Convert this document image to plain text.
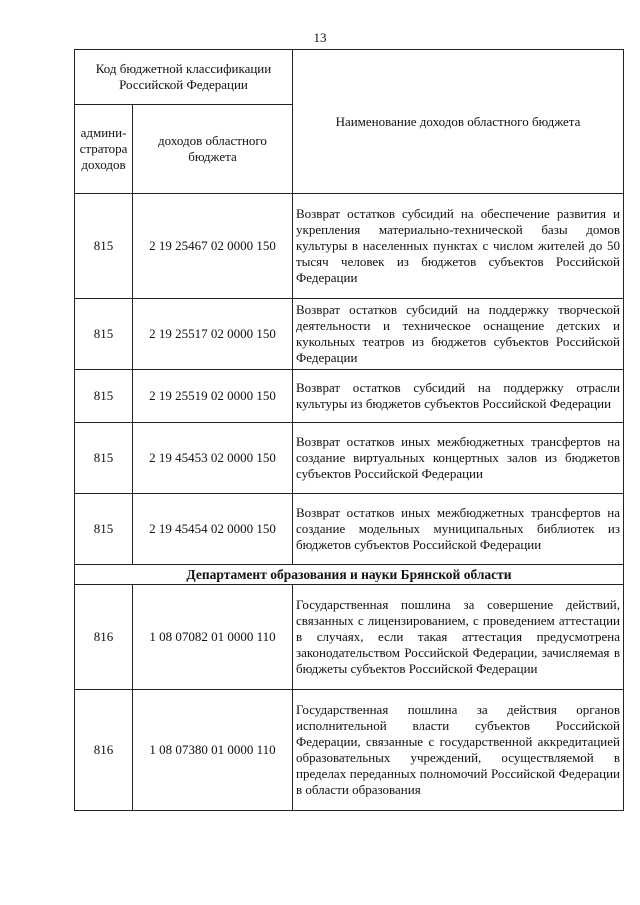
13
Код бюджетной классификации Российской Федерации		Наименование доходов областного бюджета
админи-стратора доходов	доходов областного бюджета	
815	2 19 25467 02 0000 150	Возврат остатков субсидий на обеспечение развития и укрепления материально-технической базы домов культуры в населенных пунктах с числом жителей до 50 тысяч человек из бюджетов субъектов Российской Федерации
815	2 19 25517 02 0000 150	Возврат остатков субсидий на поддержку творческой деятельности и техническое оснащение детских и кукольных театров из бюджетов субъектов Российской Федерации
815	2 19 25519 02 0000 150	Возврат остатков субсидий на поддержку отрасли культуры из бюджетов субъектов Российской Федерации
815	2 19 45453 02 0000 150	Возврат остатков иных межбюджетных трансфертов на создание виртуальных концертных залов из бюджетов субъектов Российской Федерации
815	2 19 45454 02 0000 150	Возврат остатков иных межбюджетных трансфертов на создание модельных муниципальных библиотек из бюджетов субъектов Российской Федерации
Департамент образования и науки Брянской области		
816	1 08 07082 01 0000 110	Государственная пошлина за совершение действий, связанных с лицензированием, с проведением аттестации в случаях, если такая аттестация предусмотрена законодательством Российской Федерации, зачисляемая в бюджеты субъектов Российской Федерации
816	1 08 07380 01 0000 110	Государственная пошлина за действия органов исполнительной власти субъектов Российской Федерации, связанные с государственной аккредитацией образовательных учреждений, осуществляемой в пределах переданных полномочий Российской Федерации в области образования
